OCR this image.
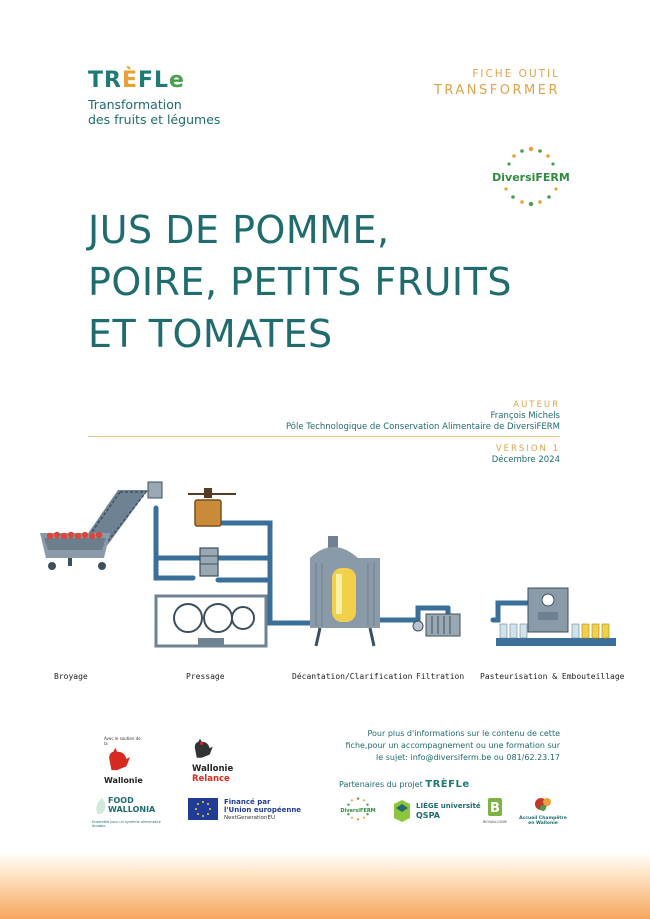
TRÈFLe
Transformation
des fruits et légumes
FICHE OUTIL
TRANSFORMER
DiversiFERM
JUS DE POMME,
POIRE, PETITS FRUITS
ET TOMATES
AUTEUR
François Michels
Pôle Technologique de Conservation Alimentaire de DiversiFERM
VERSION 1
Décembre 2024
Broyage	Pressage	Décantation/Clarification Filtration Pasteurisation & Embouteillage
Avec le soutien de la
Wallonie
Wallonie
Relance
FOOD
WALLONIA
Ensemble pour un système alimentaire durable
Financé par
l'Union européenne
NextGenerationEU
Pour plus d'informations sur le contenu de cette
fiche,pour un accompagnement ou une formation sur
le sujet: info@diversiferm.be ou 081/62.23.17
Partenaires du projet TRÈFLe
DiversiFERM
LIÈGE université
QSPA	B
BIOWALLONIE
Accueil Champêtre
en Wallonie
